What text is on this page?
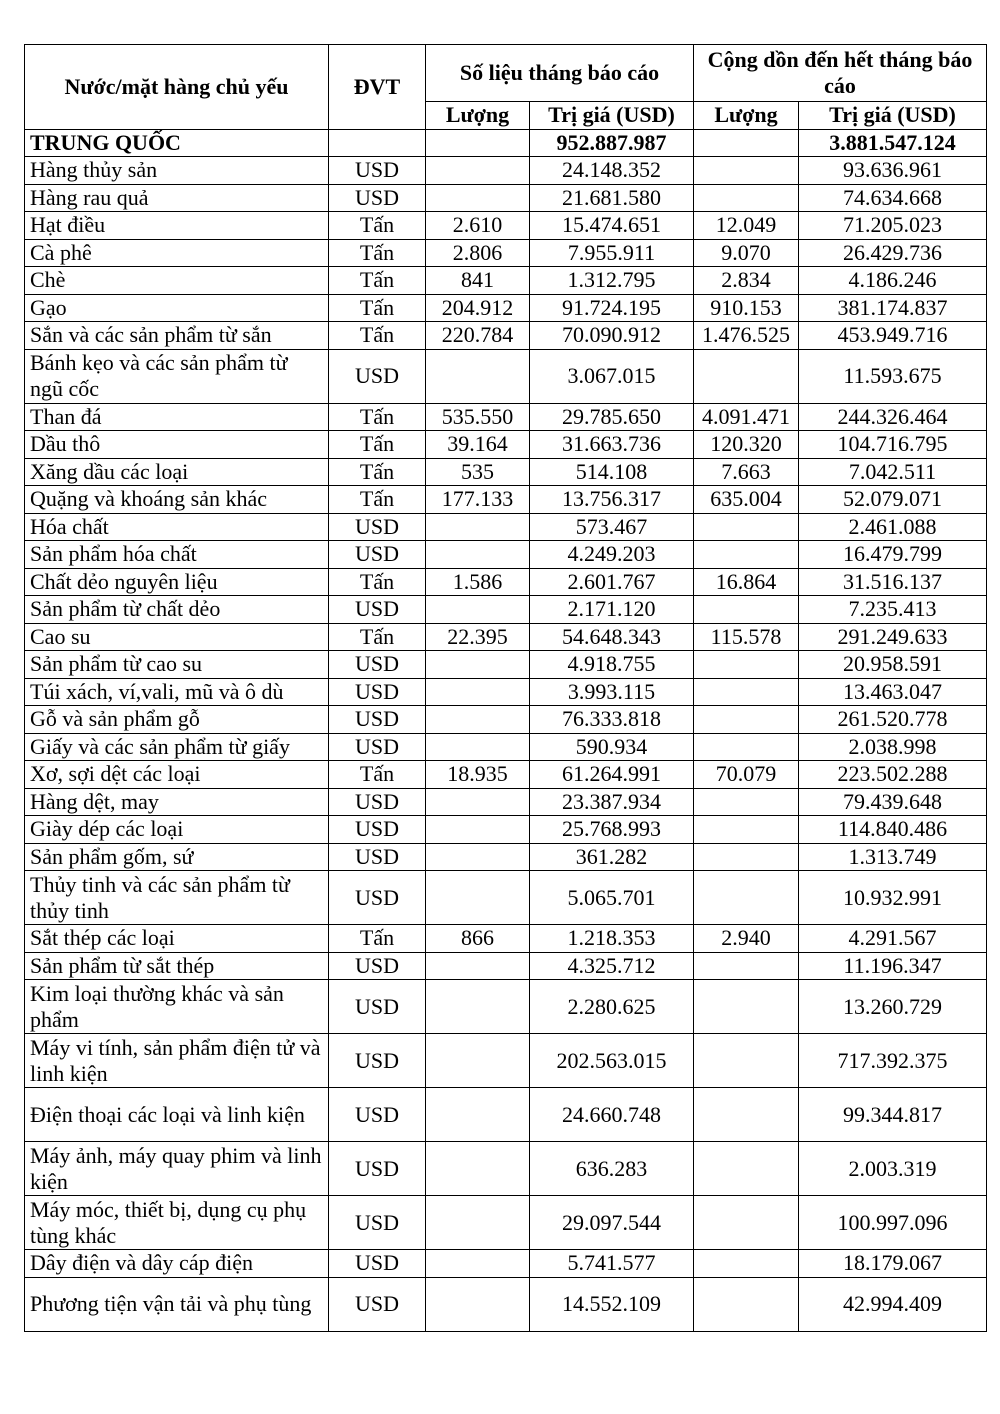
Nước/mặt hàng chủ yếu	ĐVT	Số liệu tháng báo cáo		Cộng dồn đến hết tháng báo cáo	
		Lượng	Trị giá (USD)	Lượng	Trị giá (USD)
TRUNG QUỐC			952.887.987		3.881.547.124
Hàng thủy sản	USD		24.148.352		93.636.961
Hàng rau quả	USD		21.681.580		74.634.668
Hạt điều	Tấn	2.610	15.474.651	12.049	71.205.023
Cà phê	Tấn	2.806	7.955.911	9.070	26.429.736
Chè	Tấn	841	1.312.795	2.834	4.186.246
Gạo	Tấn	204.912	91.724.195	910.153	381.174.837
Sắn và các sản phẩm từ sắn	Tấn	220.784	70.090.912	1.476.525	453.949.716
Bánh kẹo và các sản phẩm từ ngũ cốc	USD		3.067.015		11.593.675
Than đá	Tấn	535.550	29.785.650	4.091.471	244.326.464
Dầu thô	Tấn	39.164	31.663.736	120.320	104.716.795
Xăng dầu các loại	Tấn	535	514.108	7.663	7.042.511
Quặng và khoáng sản khác	Tấn	177.133	13.756.317	635.004	52.079.071
Hóa chất	USD		573.467		2.461.088
Sản phẩm hóa chất	USD		4.249.203		16.479.799
Chất dẻo nguyên liệu	Tấn	1.586	2.601.767	16.864	31.516.137
Sản phẩm từ chất dẻo	USD		2.171.120		7.235.413
Cao su	Tấn	22.395	54.648.343	115.578	291.249.633
Sản phẩm từ cao su	USD		4.918.755		20.958.591
Túi xách, ví,vali, mũ và ô dù	USD		3.993.115		13.463.047
Gỗ và sản phẩm gỗ	USD		76.333.818		261.520.778
Giấy và các sản phẩm từ giấy	USD		590.934		2.038.998
Xơ, sợi dệt các loại	Tấn	18.935	61.264.991	70.079	223.502.288
Hàng dệt, may	USD		23.387.934		79.439.648
Giày dép các loại	USD		25.768.993		114.840.486
Sản phẩm gốm, sứ	USD		361.282		1.313.749
Thủy tinh và các sản phẩm từ thủy tinh	USD		5.065.701		10.932.991
Sắt thép các loại	Tấn	866	1.218.353	2.940	4.291.567
Sản phẩm từ sắt thép	USD		4.325.712		11.196.347
Kim loại thường khác và sản phẩm	USD		2.280.625		13.260.729
Máy vi tính, sản phẩm điện tử và linh kiện	USD		202.563.015		717.392.375
Điện thoại các loại và linh kiện	USD		24.660.748		99.344.817
Máy ảnh, máy quay phim và linh kiện	USD		636.283		2.003.319
Máy móc, thiết bị, dụng cụ phụ tùng khác	USD		29.097.544		100.997.096
Dây điện và dây cáp điện	USD		5.741.577		18.179.067
Phương tiện vận tải và phụ tùng	USD		14.552.109		42.994.409
